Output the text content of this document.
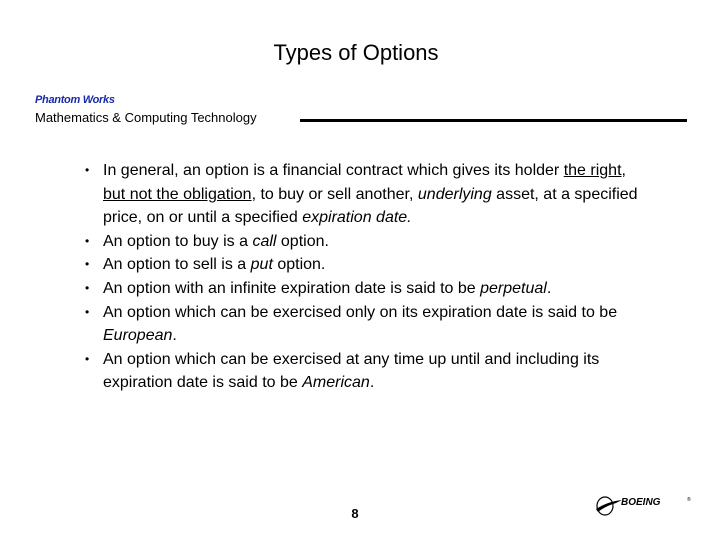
Types of Options
Phantom Works
Mathematics & Computing Technology
• In general, an option is a financial contract which gives its holder the right, but not the obligation, to buy or sell another, underlying asset, at a specified price, on or until a specified expiration date.
• An option to buy is a call option.
• An option to sell is a put option.
• An option with an infinite expiration date is said to be perpetual.
• An option which can be exercised only on its expiration date is said to be European.
• An option which can be exercised at any time up until and including its expiration date is said to be American.
8
BOEING	®
